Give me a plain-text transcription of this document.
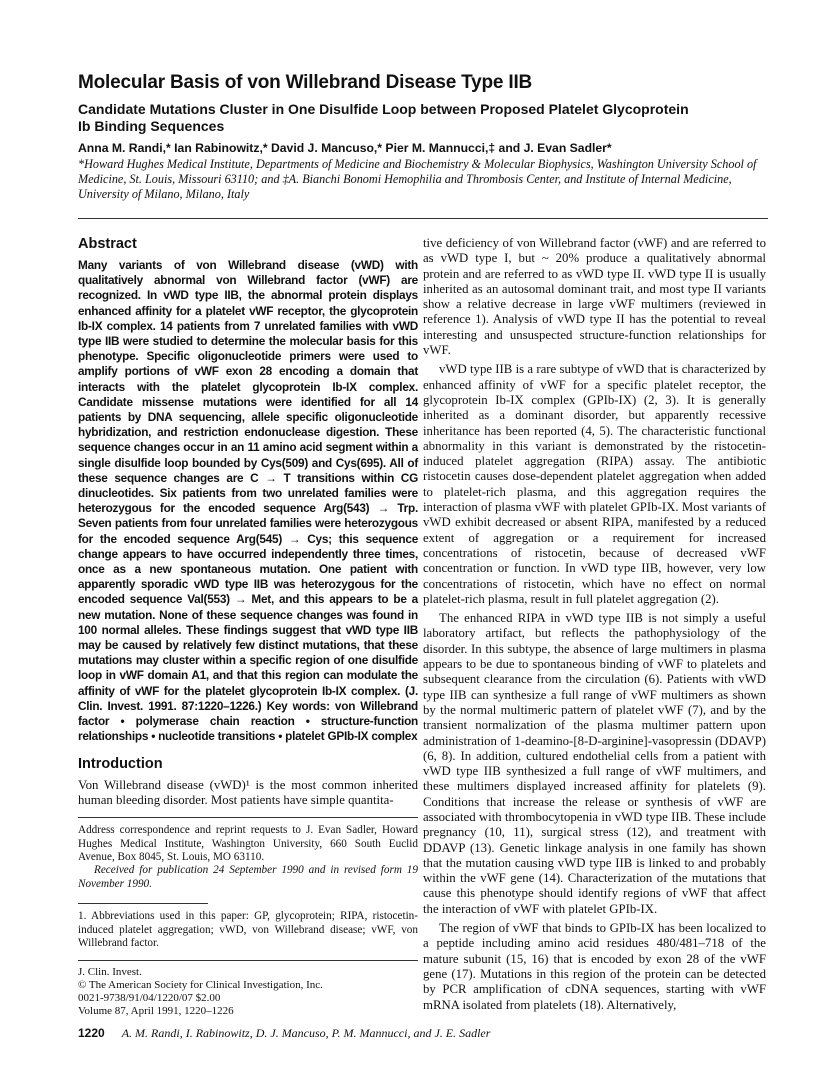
Molecular Basis of von Willebrand Disease Type IIB
Candidate Mutations Cluster in One Disulfide Loop between Proposed Platelet Glycoprotein Ib Binding Sequences

Anna M. Randi,* Ian Rabinowitz,* David J. Mancuso,* Pier M. Mannucci,‡ and J. Evan Sadler*

*Howard Hughes Medical Institute, Departments of Medicine and Biochemistry & Molecular Biophysics, Washington University School of Medicine, St. Louis, Missouri 63110; and ‡A. Bianchi Bonomi Hemophilia and Thrombosis Center, and Institute of Internal Medicine, University of Milano, Milano, Italy

Abstract

Many variants of von Willebrand disease (vWD) with qualitatively abnormal von Willebrand factor (vWF) are recognized. In vWD type IIB, the abnormal protein displays enhanced affinity for a platelet vWF receptor, the glycoprotein Ib-IX complex. 14 patients from 7 unrelated families with vWD type IIB were studied to determine the molecular basis for this phenotype. Specific oligonucleotide primers were used to amplify portions of vWF exon 28 encoding a domain that interacts with the platelet glycoprotein Ib-IX complex. Candidate missense mutations were identified for all 14 patients by DNA sequencing, allele specific oligonucleotide hybridization, and restriction endonuclease digestion. These sequence changes occur in an 11 amino acid segment within a single disulfide loop bounded by Cys(509) and Cys(695). All of these sequence changes are C → T transitions within CG dinucleotides. Six patients from two unrelated families were heterozygous for the encoded sequence Arg(543) → Trp. Seven patients from four unrelated families were heterozygous for the encoded sequence Arg(545) → Cys; this sequence change appears to have occurred independently three times, once as a new spontaneous mutation. One patient with apparently sporadic vWD type IIB was heterozygous for the encoded sequence Val(553) → Met, and this appears to be a new mutation. None of these sequence changes was found in 100 normal alleles. These findings suggest that vWD type IIB may be caused by relatively few distinct mutations, that these mutations may cluster within a specific region of one disulfide loop in vWF domain A1, and that this region can modulate the affinity of vWF for the platelet glycoprotein Ib-IX complex. (J. Clin. Invest. 1991. 87:1220–1226.) Key words: von Willebrand factor • polymerase chain reaction • structure-function relationships • nucleotide transitions • platelet GPIb-IX complex

Introduction

Von Willebrand disease (vWD)¹ is the most common inherited human bleeding disorder. Most patients have simple quantita-

Address correspondence and reprint requests to J. Evan Sadler, Howard Hughes Medical Institute, Washington University, 660 South Euclid Avenue, Box 8045, St. Louis, MO 63110.

Received for publication 24 September 1990 and in revised form 19 November 1990.

1. Abbreviations used in this paper: GP, glycoprotein; RIPA, ristocetin-induced platelet aggregation; vWD, von Willebrand disease; vWF, von Willebrand factor.

J. Clin. Invest.

© The American Society for Clinical Investigation, Inc.

0021-9738/91/04/1220/07 $2.00

Volume 87, April 1991, 1220–1226

tive deficiency of von Willebrand factor (vWF) and are referred to as vWD type I, but ~ 20% produce a qualitatively abnormal protein and are referred to as vWD type II. vWD type II is usually inherited as an autosomal dominant trait, and most type II variants show a relative decrease in large vWF multimers (reviewed in reference 1). Analysis of vWD type II has the potential to reveal interesting and unsuspected structure-function relationships for vWF.

vWD type IIB is a rare subtype of vWD that is characterized by enhanced affinity of vWF for a specific platelet receptor, the glycoprotein Ib-IX complex (GPIb-IX) (2, 3). It is generally inherited as a dominant disorder, but apparently recessive inheritance has been reported (4, 5). The characteristic functional abnormality in this variant is demonstrated by the ristocetin-induced platelet aggregation (RIPA) assay. The antibiotic ristocetin causes dose-dependent platelet aggregation when added to platelet-rich plasma, and this aggregation requires the interaction of plasma vWF with platelet GPIb-IX. Most variants of vWD exhibit decreased or absent RIPA, manifested by a reduced extent of aggregation or a requirement for increased concentrations of ristocetin, because of decreased vWF concentration or function. In vWD type IIB, however, very low concentrations of ristocetin, which have no effect on normal platelet-rich plasma, result in full platelet aggregation (2).

The enhanced RIPA in vWD type IIB is not simply a useful laboratory artifact, but reflects the pathophysiology of the disorder. In this subtype, the absence of large multimers in plasma appears to be due to spontaneous binding of vWF to platelets and subsequent clearance from the circulation (6). Patients with vWD type IIB can synthesize a full range of vWF multimers as shown by the normal multimeric pattern of platelet vWF (7), and by the transient normalization of the plasma multimer pattern upon administration of 1-deamino-[8-D-arginine]-vasopressin (DDAVP) (6, 8). In addition, cultured endothelial cells from a patient with vWD type IIB synthesized a full range of vWF multimers, and these multimers displayed increased affinity for platelets (9). Conditions that increase the release or synthesis of vWF are associated with thrombocytopenia in vWD type IIB. These include pregnancy (10, 11), surgical stress (12), and treatment with DDAVP (13). Genetic linkage analysis in one family has shown that the mutation causing vWD type IIB is linked to and probably within the vWF gene (14). Characterization of the mutations that cause this phenotype should identify regions of vWF that affect the interaction of vWF with platelet GPIb-IX.

The region of vWF that binds to GPIb-IX has been localized to a peptide including amino acid residues 480/481–718 of the mature subunit (15, 16) that is encoded by exon 28 of the vWF gene (17). Mutations in this region of the protein can be detected by PCR amplification of cDNA sequences, starting with vWF mRNA isolated from platelets (18). Alternatively,

1220 A. M. Randi, I. Rabinowitz, D. J. Mancuso, P. M. Mannucci, and J. E. Sadler
